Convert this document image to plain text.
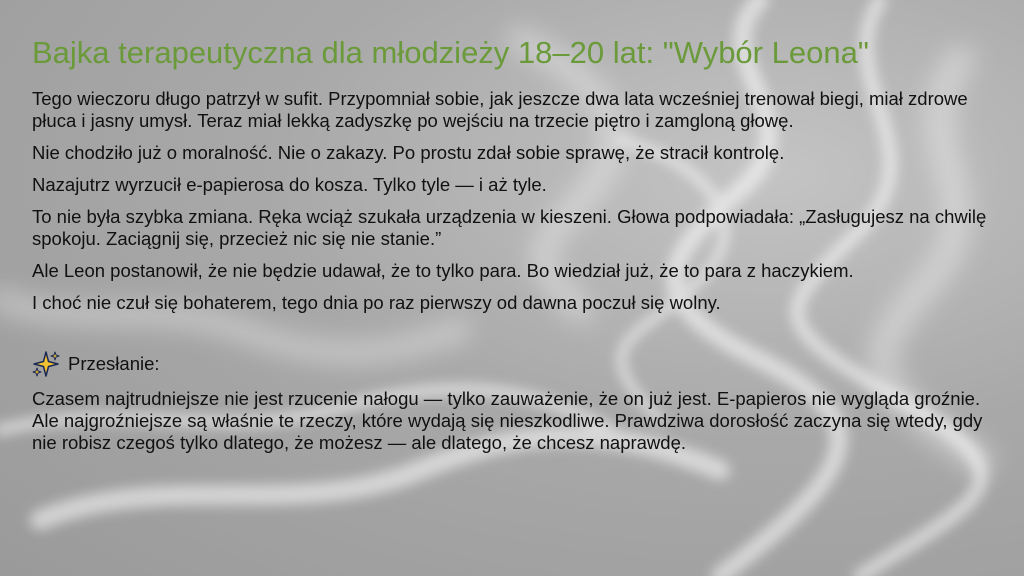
Bajka terapeutyczna dla młodzieży 18–20 lat: "Wybór Leona"
Tego wieczoru długo patrzył w sufit. Przypomniał sobie, jak jeszcze dwa lata wcześniej trenował biegi, miał zdrowe płuca i jasny umysł. Teraz miał lekką zadyszkę po wejściu na trzecie piętro i zamgloną głowę.
Nie chodziło już o moralność. Nie o zakazy. Po prostu zdał sobie sprawę, że stracił kontrolę.
Nazajutrz wyrzucił e-papierosa do kosza. Tylko tyle — i aż tyle.
To nie była szybka zmiana. Ręka wciąż szukała urządzenia w kieszeni. Głowa podpowiadała: „Zasługujesz na chwilę spokoju. Zaciągnij się, przecież nic się nie stanie.”
Ale Leon postanowił, że nie będzie udawał, że to tylko para. Bo wiedział już, że to para z haczykiem.
I choć nie czuł się bohaterem, tego dnia po raz pierwszy od dawna poczuł się wolny.
Przesłanie:
Czasem najtrudniejsze nie jest rzucenie nałogu — tylko zauważenie, że on już jest. E-papieros nie wygląda groźnie. Ale najgroźniejsze są właśnie te rzeczy, które wydają się nieszkodliwe. Prawdziwa dorosłość zaczyna się wtedy, gdy nie robisz czegoś tylko dlatego, że możesz — ale dlatego, że chcesz naprawdę.
